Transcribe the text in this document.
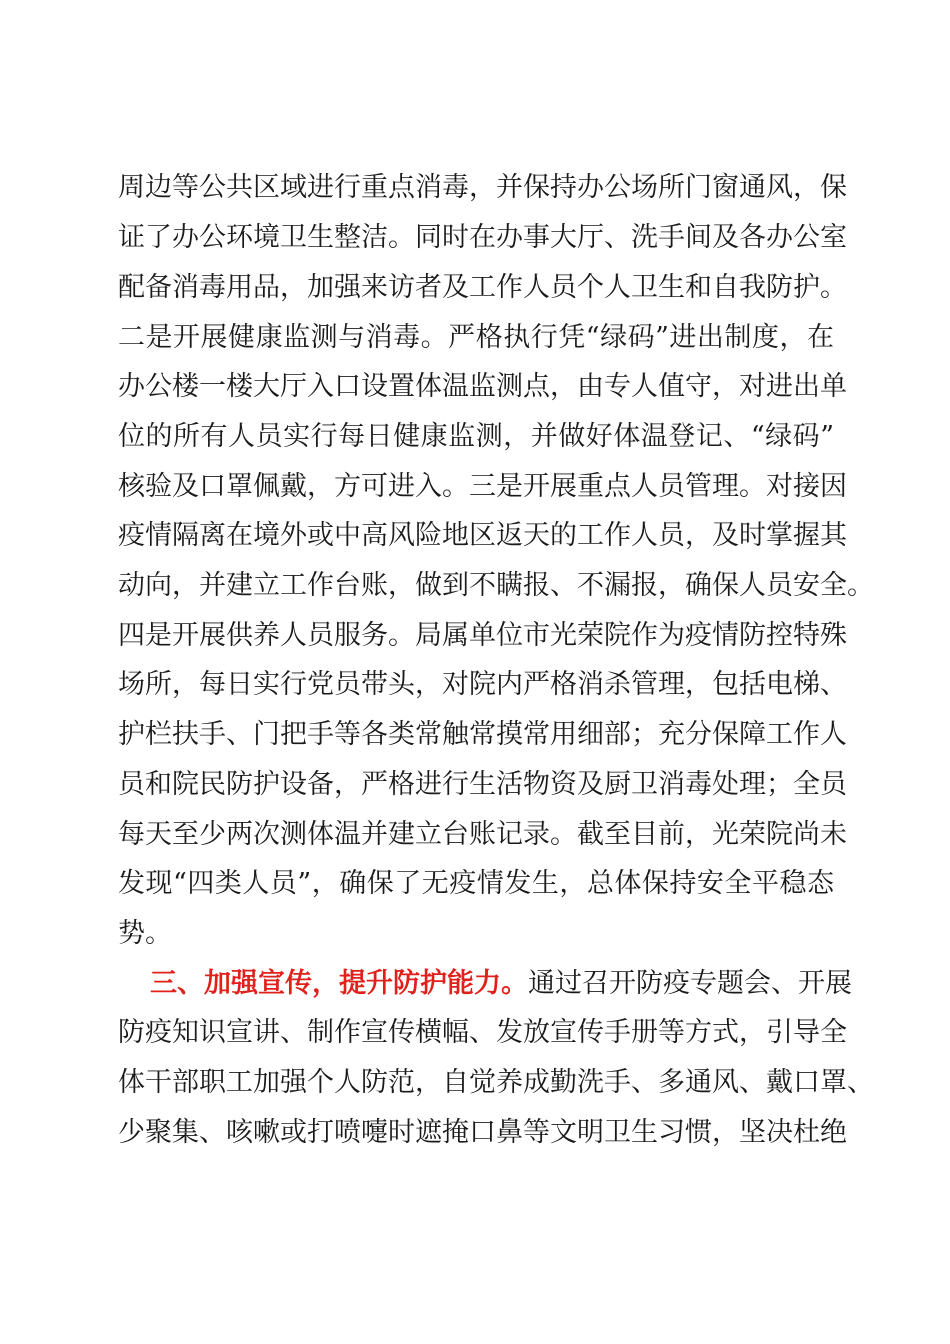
周边等公共区域进行重点消毒，并保持办公场所门窗通风，保
证了办公环境卫生整洁。同时在办事大厅、洗手间及各办公室
配备消毒用品，加强来访者及工作人员个人卫生和自我防护。
二是开展健康监测与消毒。严格执行凭“绿码”进出制度，在
办公楼一楼大厅入口设置体温监测点，由专人值守，对进出单
位的所有人员实行每日健康监测，并做好体温登记、“绿码”
核验及口罩佩戴，方可进入。三是开展重点人员管理。对接因
疫情隔离在境外或中高风险地区返天的工作人员，及时掌握其
动向，并建立工作台账，做到不瞒报、不漏报，确保人员安全。
四是开展供养人员服务。局属单位市光荣院作为疫情防控特殊
场所，每日实行党员带头，对院内严格消杀管理，包括电梯、
护栏扶手、门把手等各类常触常摸常用细部；充分保障工作人
员和院民防护设备，严格进行生活物资及厨卫消毒处理；全员
每天至少两次测体温并建立台账记录。截至目前，光荣院尚未
发现“四类人员”，确保了无疫情发生，总体保持安全平稳态
势。
三、加强宣传，提升防护能力。通过召开防疫专题会、开展
防疫知识宣讲、制作宣传横幅、发放宣传手册等方式，引导全
体干部职工加强个人防范，自觉养成勤洗手、多通风、戴口罩、
少聚集、咳嗽或打喷嚏时遮掩口鼻等文明卫生习惯，坚决杜绝
